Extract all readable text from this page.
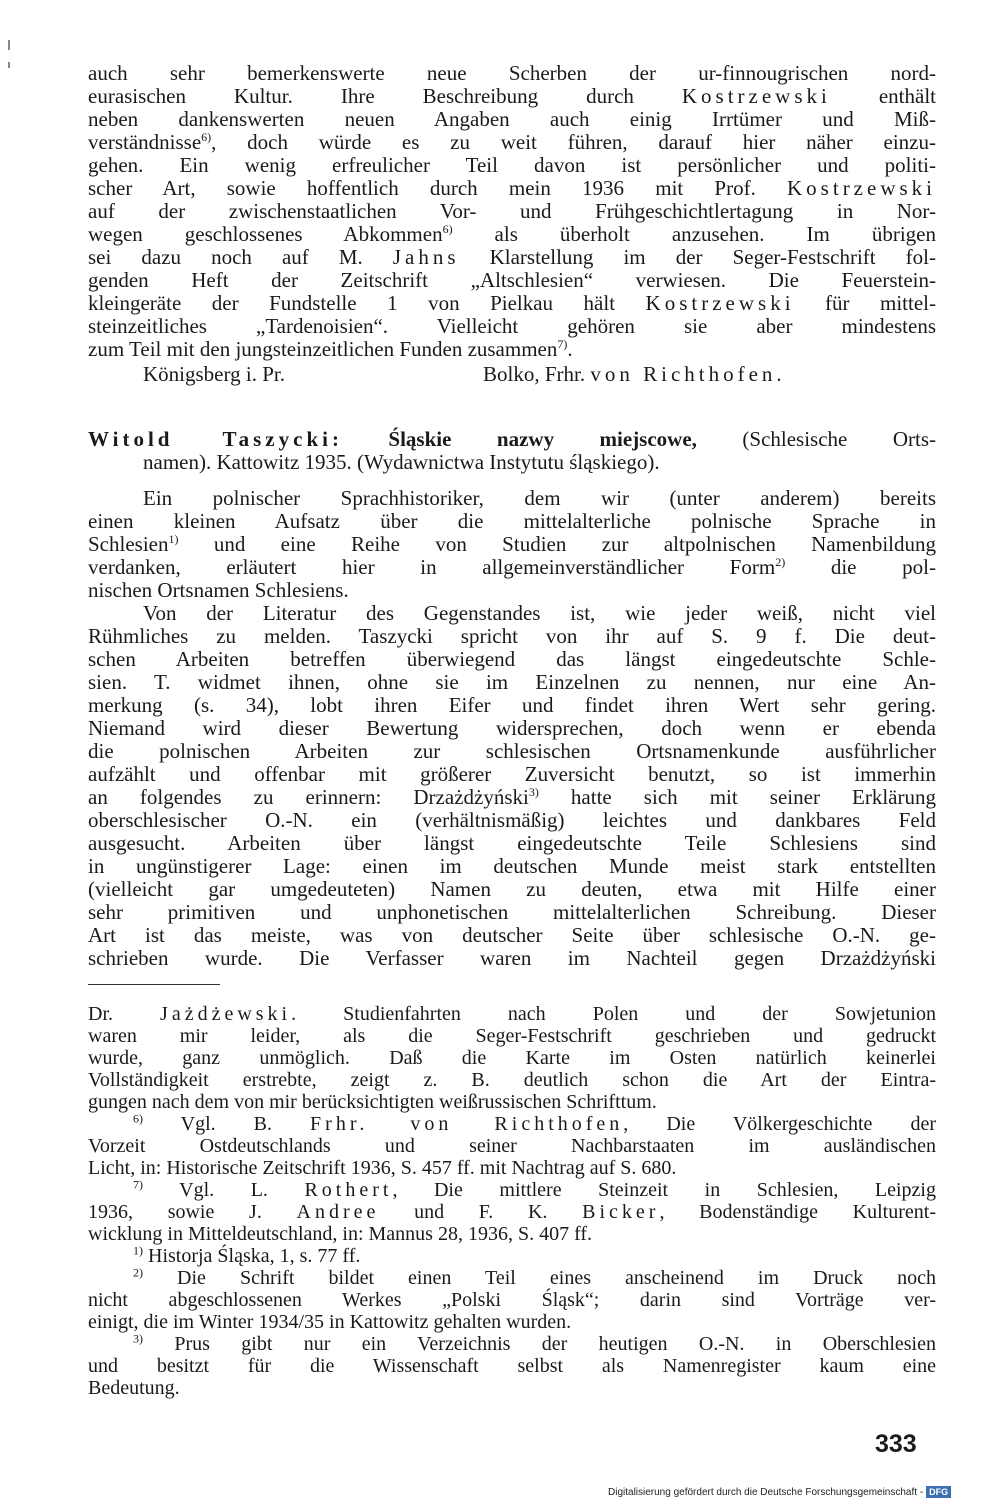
auch sehr bemerkenswerte neue Scherben der ur-finnougrischen nord-
eurasischen Kultur. Ihre Beschreibung durch Kostrzewski enthält
neben dankenswerten neuen Angaben auch einig Irrtümer und Miß-
verständnisse$^{6)}$, doch würde es zu weit führen, darauf hier näher einzu-
gehen. Ein wenig erfreulicher Teil davon ist persönlicher und politi-
scher Art, sowie hoffentlich durch mein 1936 mit Prof. Kostrzewski
auf der zwischenstaatlichen Vor- und Frühgeschichtlertagung in Nor-
wegen geschlossenes Abkommen$^{6)}$ als überholt anzusehen. Im übrigen
sei dazu noch auf M. Jahns Klarstellung im der Seger-Festschrift fol-
genden Heft der Zeitschrift „Altschlesien“ verwiesen. Die Feuerstein-
kleingeräte der Fundstelle 1 von Pielkau hält Kostrzewski für mittel-
steinzeitliches „Tardenoisien“. Vielleicht gehören sie aber mindestens
zum Teil mit den jungsteinzeitlichen Funden zusammen$^{7)}$.
Königsberg i. Pr.	Bolko, Frhr. von Richthofen.
Witold Taszycki: Śląskie nazwy miejscowe, (Schlesische Orts-
namen). Kattowitz 1935. (Wydawnictwa Instytutu śląskiego).
Ein polnischer Sprachhistoriker, dem wir (unter anderem) bereits
einen kleinen Aufsatz über die mittelalterliche polnische Sprache in
Schlesien$^{1)}$ und eine Reihe von Studien zur altpolnischen Namenbildung
verdanken, erläutert hier in allgemeinverständlicher Form$^{2)}$ die pol-
nischen Ortsnamen Schlesiens.
Von der Literatur des Gegenstandes ist, wie jeder weiß, nicht viel
Rühmliches zu melden. Taszycki spricht von ihr auf S. 9 f. Die deut-
schen Arbeiten betreffen überwiegend das längst eingedeutschte Schle-
sien. T. widmet ihnen, ohne sie im Einzelnen zu nennen, nur eine An-
merkung (s. 34), lobt ihren Eifer und findet ihren Wert sehr gering.
Niemand wird dieser Bewertung widersprechen, doch wenn er ebenda
die polnischen Arbeiten zur schlesischen Ortsnamenkunde ausführlicher
aufzählt und offenbar mit größerer Zuversicht benutzt, so ist immerhin
an folgendes zu erinnern: Drzażdżyński$^{3)}$ hatte sich mit seiner Erklärung
oberschlesischer O.-N. ein (verhältnismäßig) leichtes und dankbares Feld
ausgesucht. Arbeiten über längst eingedeutschte Teile Schlesiens sind
in ungünstigerer Lage: einen im deutschen Munde meist stark entstellten
(vielleicht gar umgedeuteten) Namen zu deuten, etwa mit Hilfe einer
sehr primitiven und unphonetischen mittelalterlichen Schreibung. Dieser
Art ist das meiste, was von deutscher Seite über schlesische O.-N. ge-
schrieben wurde. Die Verfasser waren im Nachteil gegen Drzażdżyński
Dr. Jażdżewski. Studienfahrten nach Polen und der Sowjetunion
waren mir leider, als die Seger-Festschrift geschrieben und gedruckt
wurde, ganz unmöglich. Daß die Karte im Osten natürlich keinerlei
Vollständigkeit erstrebte, zeigt z. B. deutlich schon die Art der Eintra-
gungen nach dem von mir berücksichtigten weißrussischen Schrifttum.
$^{6)}$ Vgl. B. Frhr. von Richthofen, Die Völkergeschichte der
Vorzeit Ostdeutschlands und seiner Nachbarstaaten im ausländischen
Licht, in: Historische Zeitschrift 1936, S. 457 ff. mit Nachtrag auf S. 680.
$^{7)}$ Vgl. L. Rothert, Die mittlere Steinzeit in Schlesien, Leipzig
1936, sowie J. Andree und F. K. Bicker, Bodenständige Kulturent-
wicklung in Mitteldeutschland, in: Mannus 28, 1936, S. 407 ff.
$^{1)}$ Historja Śląska, 1, s. 77 ff.
$^{2)}$ Die Schrift bildet einen Teil eines anscheinend im Druck noch
nicht abgeschlossenen Werkes „Polski Śląsk“; darin sind Vorträge ver-
einigt, die im Winter 1934/35 in Kattowitz gehalten wurden.
$^{3)}$ Prus gibt nur ein Verzeichnis der heutigen O.-N. in Oberschlesien
und besitzt für die Wissenschaft selbst als Namenregister kaum eine
Bedeutung.
333
Digitalisierung gefördert durch die Deutsche Forschungsgemeinschaft - DFG
